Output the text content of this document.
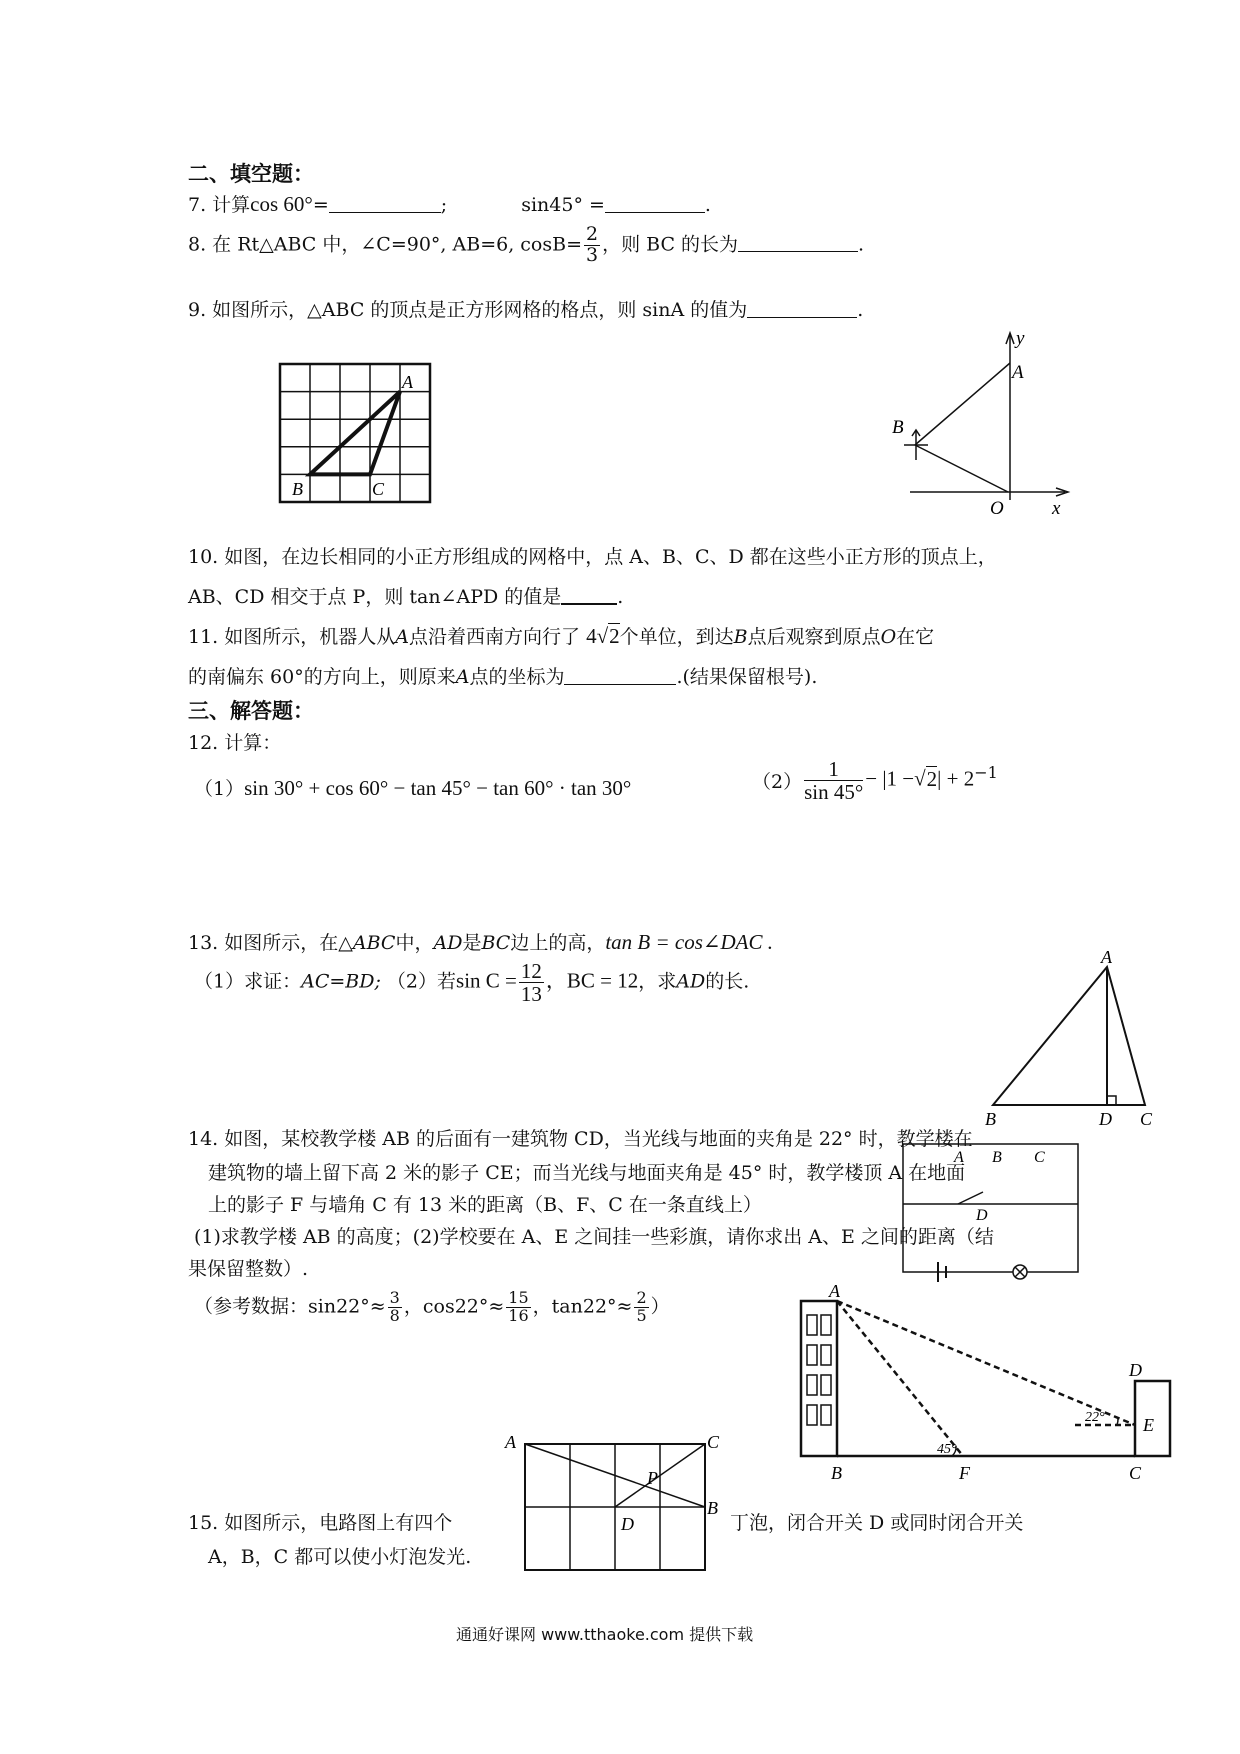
二、填空题：
7. 计算cos 60°=	;	sin45° =	.
8. 在 Rt△ABC 中，∠C=90°, AB=6, $\cos B= \frac{2}{3}$ ，则 BC 的长为	.
9. 如图所示，△ABC 的顶点是正方形网格的格点，则 sinA 的值为	.
A
B	C
y
A
B
O	x
10. 如图，在边长相同的小正方形组成的网格中，点 A、B、C、D 都在这些小正方形的顶点上，
AB、CD 相交于点 P，则 tan∠APD 的值是	.
11. 如图所示，机器人从A点沿着西南方向行了 4√2个单位，到达B点后观察到原点O在它
的南偏东 60°的方向上，则原来A点的坐标为	.(结果保留根号).
三、解答题：
12. 计算：
（1）sin 30° + cos 60° − tan 45° − tan 60° · tan 30°	$(2) \frac{1}{\sin 45^\circ} - |1 -√2| + 2^{-1}$
13. 如图所示，在△ABC中，AD是BC边上的高，tan B = cos∠DAC .
（1）求证：AC=BD; （2）若$\sin C = \frac{12}{13}$ ，BC = 12，求AD的长.
A
B	D C
14. 如图，某校教学楼 AB 的后面有一建筑物 CD，当光线与地面的夹角是 22° 时，教学楼在
建筑物的墙上留下高 2 米的影子 CE；而当光线与地面夹角是 45° 时，教学楼顶 A 在地面
上的影子 F 与墙角 C 有 13 米的距离（B、F、C 在一条直线上）
(1)求教学楼 AB 的高度；(2)学校要在 A、E 之间挂一些彩旗，请你求出 A、E 之间的距离（结
果保留整数）.
（参考数据：$\sin 22^\circ\approx \frac{3}{8}$ ，$\cos 22^\circ\approx \frac{15}{16}$ ，$\tan 22^\circ\approx \frac{2}{5}$ ）
A B C
D
A
B	F	C
D
E
45°
22°
A	C
P
D
B
15. 如图所示，电路图上有四个	丁泡，闭合开关 D 或同时闭合开关
A，B，C 都可以使小灯泡发光.
通通好课网 www.tthaoke.com 提供下载
